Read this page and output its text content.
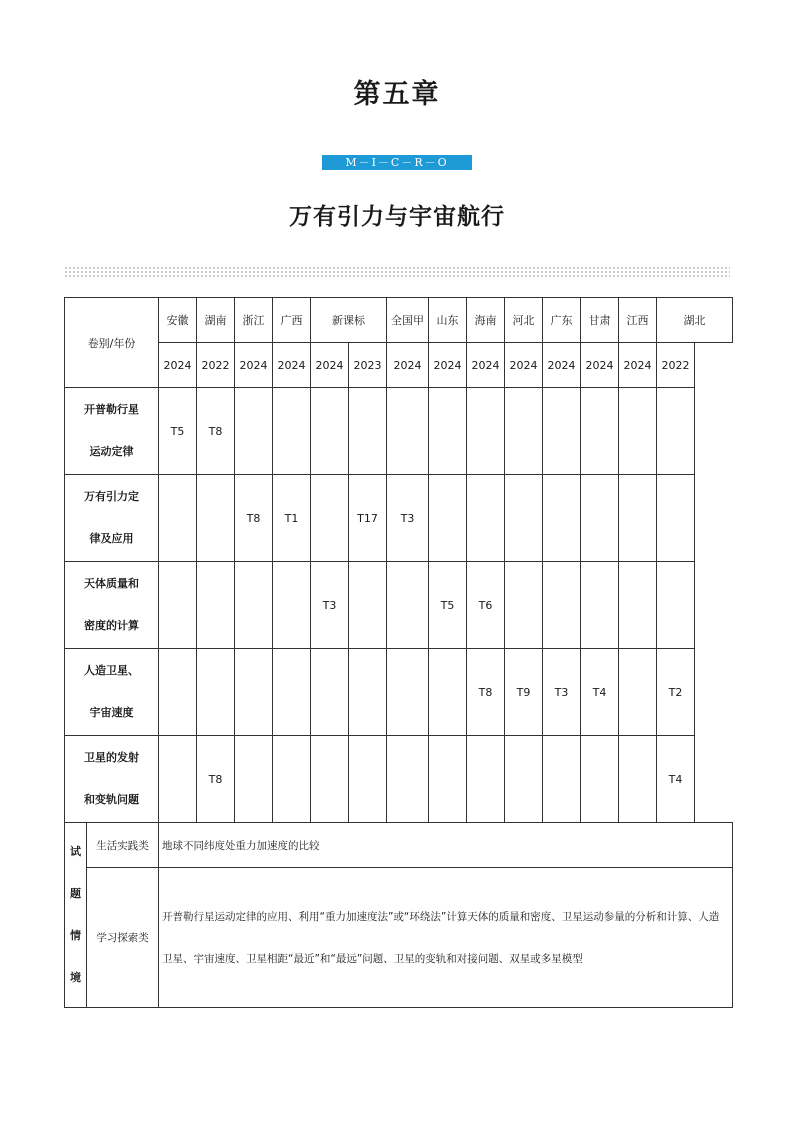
第五章
M－I－C－R－O
万有引力与宇宙航行
卷别/年份		安徽	湖南	浙江	广西	新课标		全国甲	山东	海南	河北	广东	甘肃	江西	湖北
		2024	2022	2024	2024	2024	2023	2024	2024	2024	2024	2024	2024	2024	2022

开普勒行星
运动定律		T5	T8												

万有引力定
律及应用				T8	T1		T17	T3							

天体质量和
密度的计算						T3			T5	T6					

人造卫星、
宇宙速度										T8	T9	T3	T4		T2

卫星的发射
和变轨问题			T8												T4

试
题
情
境	生活实践类	地球不同纬度处重力加速度的比较													
	学习探索类	开普勒行星运动定律的应用、利用“重力加速度法”或“环绕法”计算天体的质量和密度、卫星运动参量的分析和计算、人造卫星、宇宙速度、卫星相距“最近”和“最远”问题、卫星的变轨和对接问题、双星或多星模型													
